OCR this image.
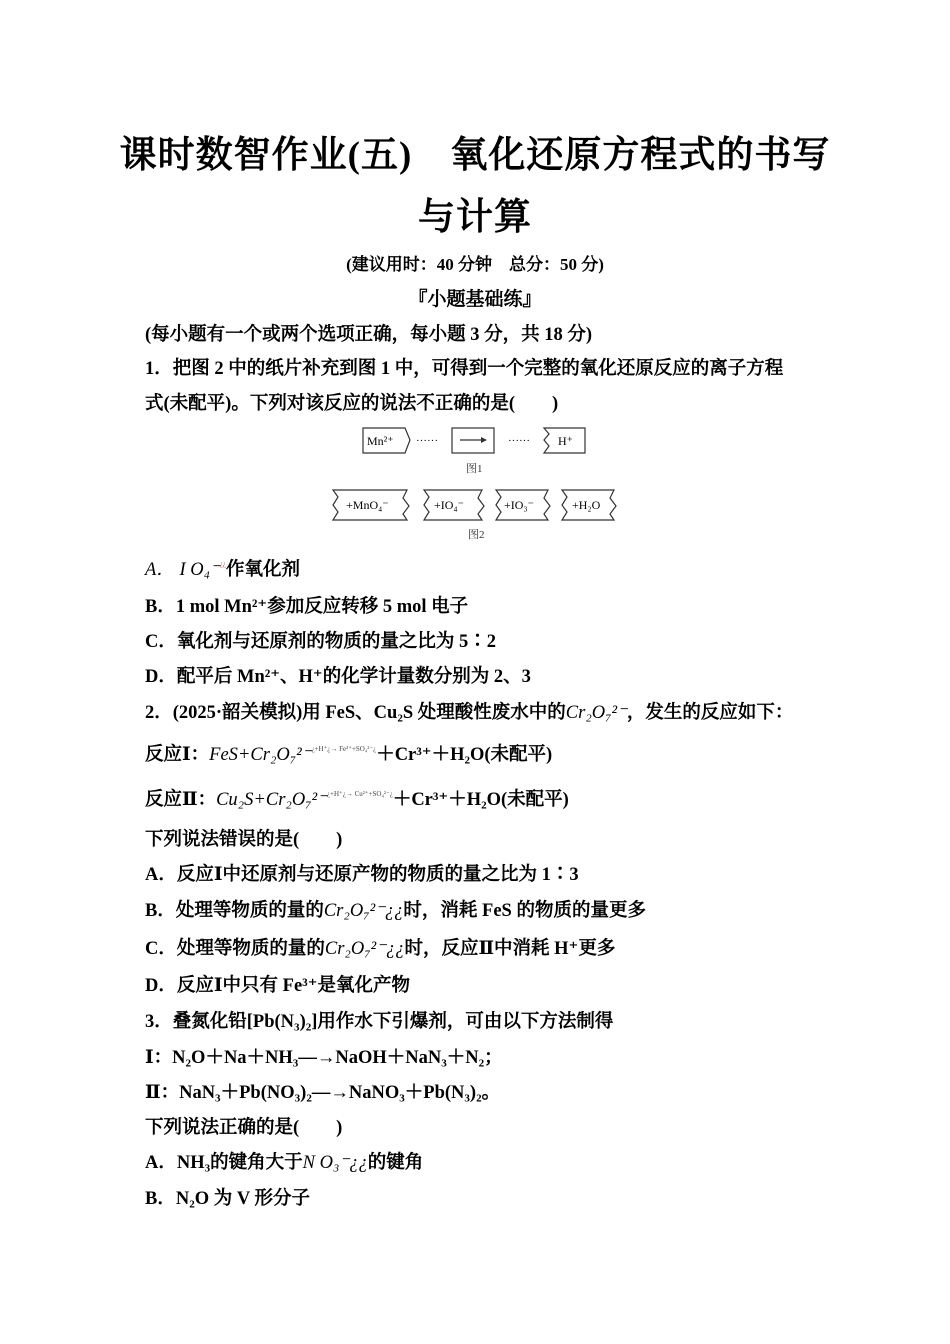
课时数智作业(五)　氧化还原方程式的书写
与计算
(建议用时：40 分钟　总分：50 分)
『小题基础练』
(每小题有一个或两个选项正确，每小题 3 分，共 18 分)
1．把图 2 中的纸片补充到图 1 中，可得到一个完整的氧化还原反应的离子方程
式(未配平)。下列对该反应的说法不正确的是(　　)
Mn²⁺ ······	······ H⁺
图1
+MnO₄⁻	+IO₄⁻	+IO₃⁻	+H₂O
图2
A． I O₄⁻¿¿作氧化剂
B．1 mol Mn²⁺参加反应转移 5 mol 电子
C．氧化剂与还原剂的物质的量之比为 5∶2
D．配平后 Mn²⁺、H⁺的化学计量数分别为 2、3
2．(2025·韶关模拟)用 FeS、Cu₂S 处理酸性废水中的Cr₂O₇²⁻，发生的反应如下：
反应Ⅰ：FeS+Cr₂O₇²⁻$^{¿+H^+¿\to Fe^{3+}+SO_4^{2-}¿}$＋Cr³⁺＋H₂O(未配平)
反应Ⅱ：Cu₂S+Cr₂O₇²⁻$^{¿+H^+¿\to Cu^{2+}+SO_4^{2-}¿}$＋Cr³⁺＋H₂O(未配平)
下列说法错误的是(　　)
A．反应Ⅰ中还原剂与还原产物的物质的量之比为 1∶3
B．处理等物质的量的Cr₂O₇²⁻¿¿时，消耗 FeS 的物质的量更多
C．处理等物质的量的Cr₂O₇²⁻¿¿时，反应Ⅱ中消耗 H⁺更多
D．反应Ⅰ中只有 Fe³⁺是氧化产物
3．叠氮化铅[Pb(N₃)₂]用作水下引爆剂，可由以下方法制得
Ⅰ：N₂O＋Na＋NH₃—→NaOH＋NaN₃＋N₂；
Ⅱ：NaN₃＋Pb(NO₃)₂—→NaNO₃＋Pb(N₃)₂。
下列说法正确的是(　　)
A．NH₃的键角大于N O₃⁻¿¿的键角
B．N₂O 为 V 形分子
